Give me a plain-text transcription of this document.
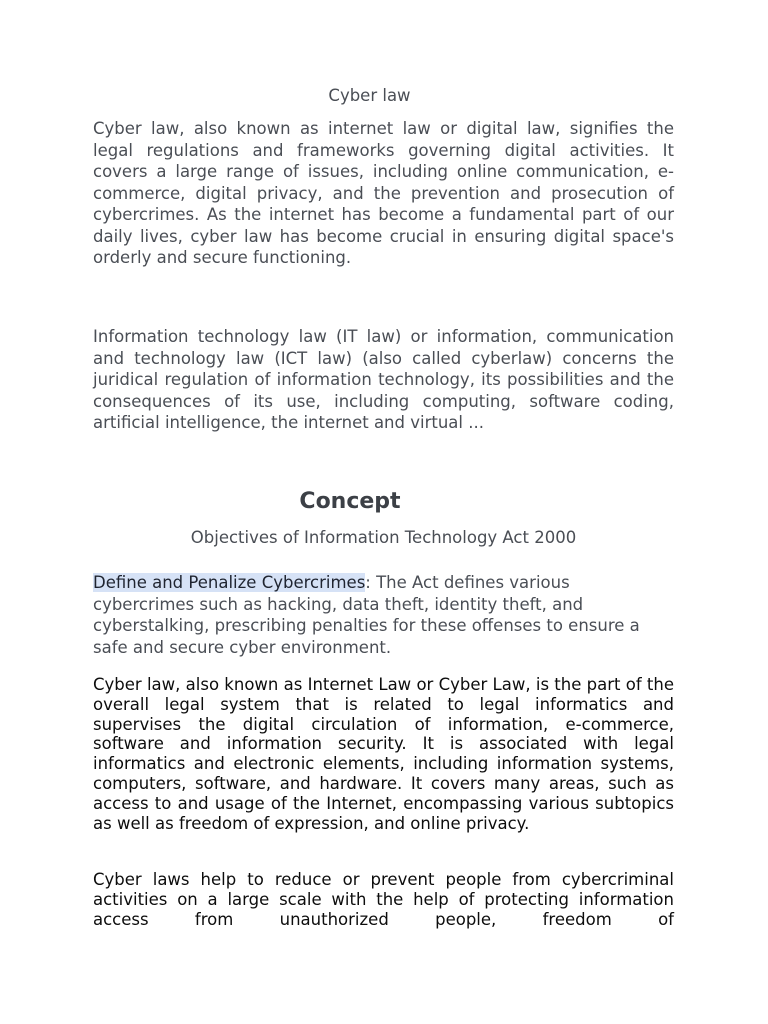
Cyber law

Cyber law, also known as internet law or digital law, signifies the legal regulations and frameworks governing digital activities. It covers a large range of issues, including online communication, e-commerce, digital privacy, and the prevention and prosecution of cybercrimes. As the internet has become a fundamental part of our daily lives, cyber law has become crucial in ensuring digital space's orderly and secure functioning.

Information technology law (IT law) or information, communication and technology law (ICT law) (also called cyberlaw) concerns the juridical regulation of information technology, its possibilities and the consequences of its use, including computing, software coding, artificial intelligence, the internet and virtual ...

Concept

Objectives of Information Technology Act 2000

Define and Penalize Cybercrimes: The Act defines various cybercrimes such as hacking, data theft, identity theft, and cyberstalking, prescribing penalties for these offenses to ensure a safe and secure cyber environment.

Cyber law, also known as Internet Law or Cyber Law, is the part of the overall legal system that is related to legal informatics and supervises the digital circulation of information, e-commerce, software and information security. It is associated with legal informatics and electronic elements, including information systems, computers, software, and hardware. It covers many areas, such as access to and usage of the Internet, encompassing various subtopics as well as freedom of expression, and online privacy.

Cyber laws help to reduce or prevent people from cybercriminal activities on a large scale with the help of protecting information access from unauthorized people, freedom of
